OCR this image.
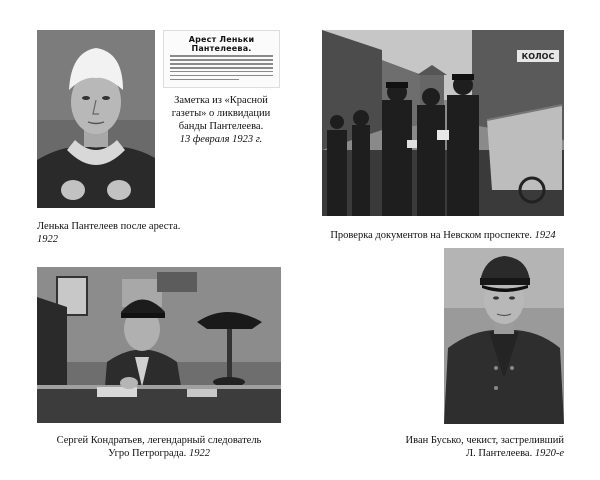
Арест Леньки Пантелеева.
Заметка из «Красной
газеты» о ликвидации
банды Пантелеева.
13 февраля 1923 г.
Ленька Пантелеев после ареста.
1922
КОЛОС
Проверка документов на Невском проспекте. 1924
Сергей Кондратьев, легендарный следователь
Угро Петрограда. 1922
Иван Бусько, чекист, застреливший
Л. Пантелеева. 1920-е
